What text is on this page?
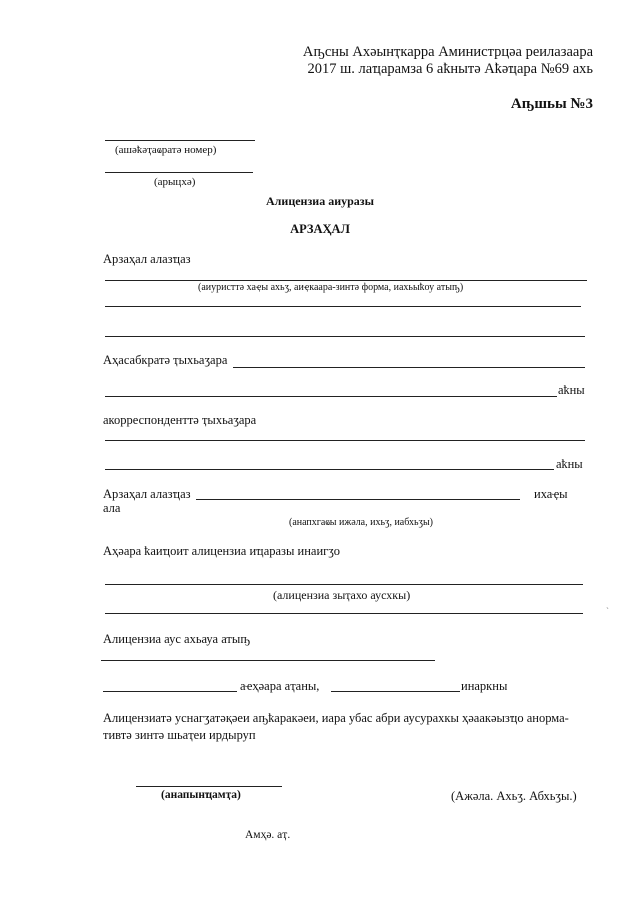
Аҧсны Ахәынҭкарра Аминистрцәа реилазаара
2017 ш. лаҵарамза 6 аҟнытә Аҟәҵара №69 ахь
Аҧшьы №3
(ашәҟәҭаҩратә номер)
(арыцхә)
Алицензиа аиуразы
АРЗАҲАЛ
Арзаҳал алазҵаз
(аиуристтә хаҿы ахьӡ, аиҿкаара-зинтә форма, иахьыҟоу атыҧ)
Аҳасабкратә ҭыхьаӡара
аҟны
акорреспонденттә ҭыхьаӡара
аҟны
Арзаҳал алазҵаз	ихаҿы
ала
(анапхгаҩы ижәла, ихьӡ, иабхьӡы)
Аҳәара ҟаиҵоит алицензиа иҵаразы инаигӡо
(алицензиа зыҭахо аусхкы)
ˎ
Алицензиа аус ахьауа атыҧ
аҽҳәара аҭаны,	инаркны
Алицензиатә уснагӡатәқәеи аҧҟаракәеи, иара убас абри аусурахкы ҳәаакәызҵо анорма-тивтә зинтә шьаҭеи ирдыруп
(анапынҵамҭа)	(Ажәла. Ахьӡ. Абхьӡы.)
Амҳә. аҭ.
